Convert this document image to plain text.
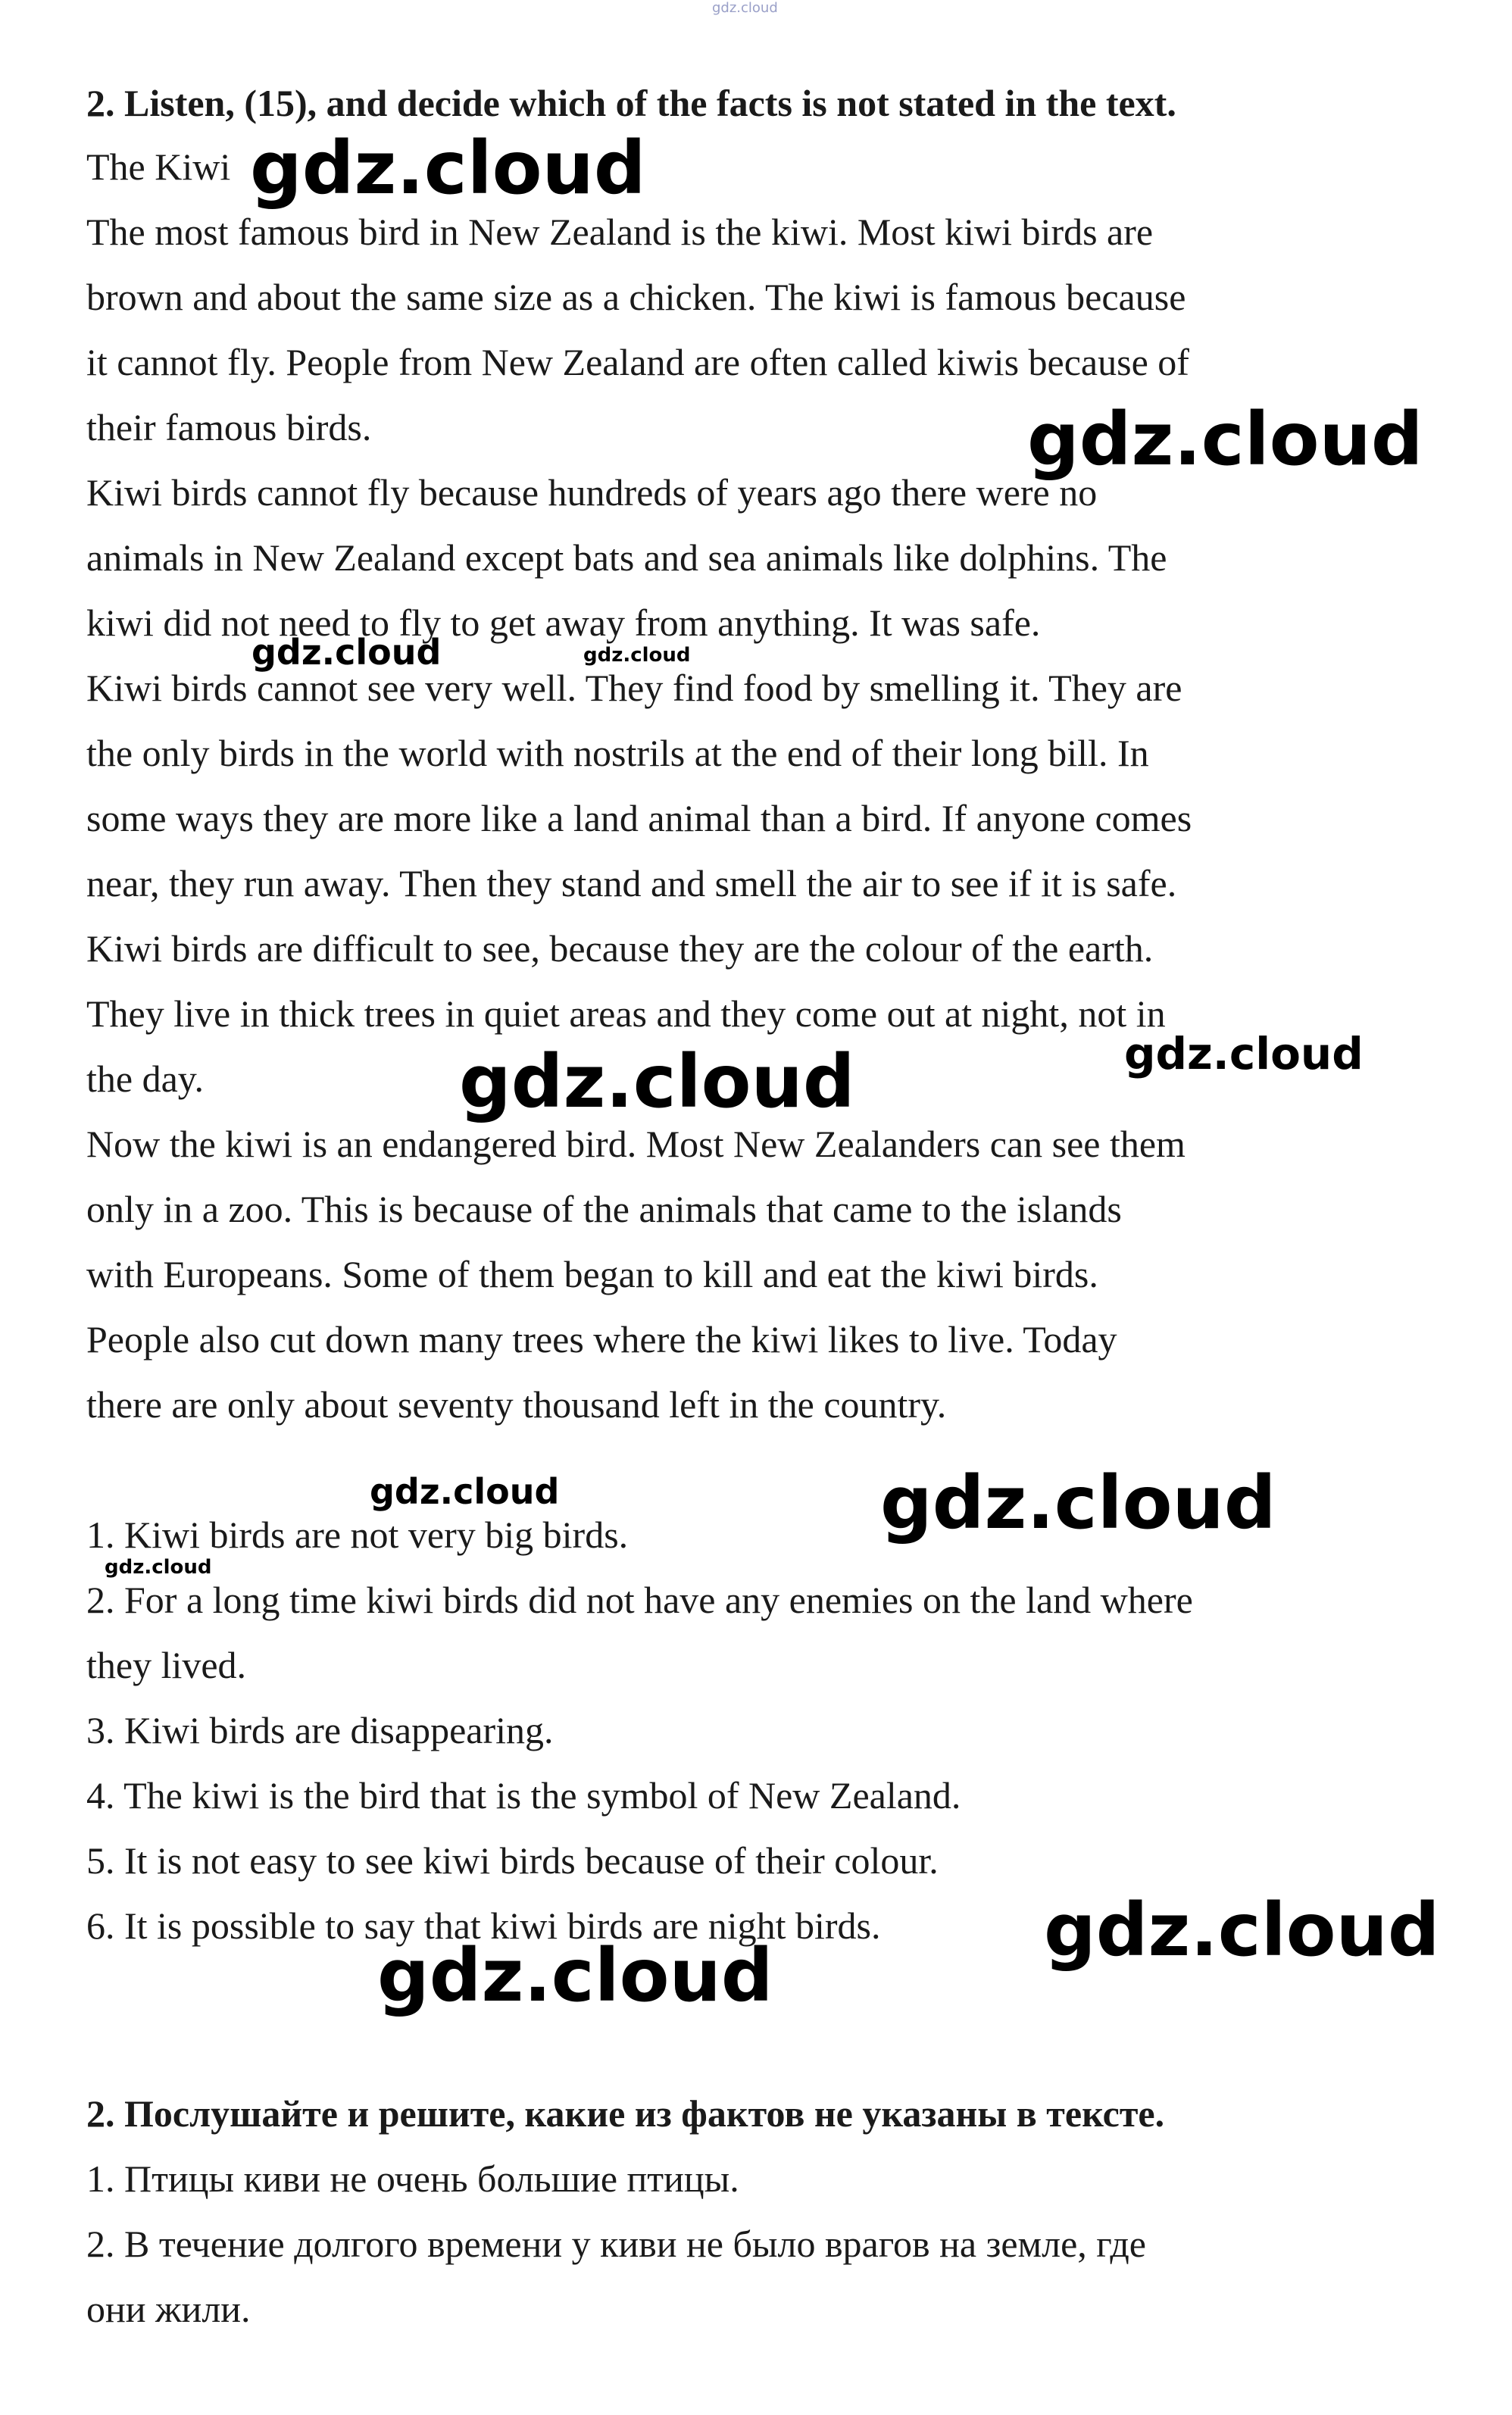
gdz.cloud
2. Listen, (15), and decide which of the facts is not stated in the text.
The Kiwi
The most famous bird in New Zealand is the kiwi. Most kiwi birds are
brown and about the same size as a chicken. The kiwi is famous because
it cannot fly. People from New Zealand are often called kiwis because of
their famous birds.
Kiwi birds cannot fly because hundreds of years ago there were no
animals in New Zealand except bats and sea animals like dolphins. The
kiwi did not need to fly to get away from anything. It was safe.
Kiwi birds cannot see very well. They find food by smelling it. They are
the only birds in the world with nostrils at the end of their long bill. In
some ways they are more like a land animal than a bird. If anyone comes
near, they run away. Then they stand and smell the air to see if it is safe.
Kiwi birds are difficult to see, because they are the colour of the earth.
They live in thick trees in quiet areas and they come out at night, not in
the day.
Now the kiwi is an endangered bird. Most New Zealanders can see them
only in a zoo. This is because of the animals that came to the islands
with Europeans. Some of them began to kill and eat the kiwi birds.
People also cut down many trees where the kiwi likes to live. Today
there are only about seventy thousand left in the country.
1. Kiwi birds are not very big birds.
2. For a long time kiwi birds did not have any enemies on the land where
they lived.
3. Kiwi birds are disappearing.
4. The kiwi is the bird that is the symbol of New Zealand.
5. It is not easy to see kiwi birds because of their colour.
6. It is possible to say that kiwi birds are night birds.
2. Послушайте и решите, какие из фактов не указаны в тексте.
1. Птицы киви не очень большие птицы.
2. В течение долгого времени у киви не было врагов на земле, где
они жили.
gdz.cloud
gdz.cloud
gdz.cloud	gdz.cloud
gdz.cloud
gdz.cloud
gdz.cloud	gdz.cloud
gdz.cloud
gdz.cloud
gdz.cloud
